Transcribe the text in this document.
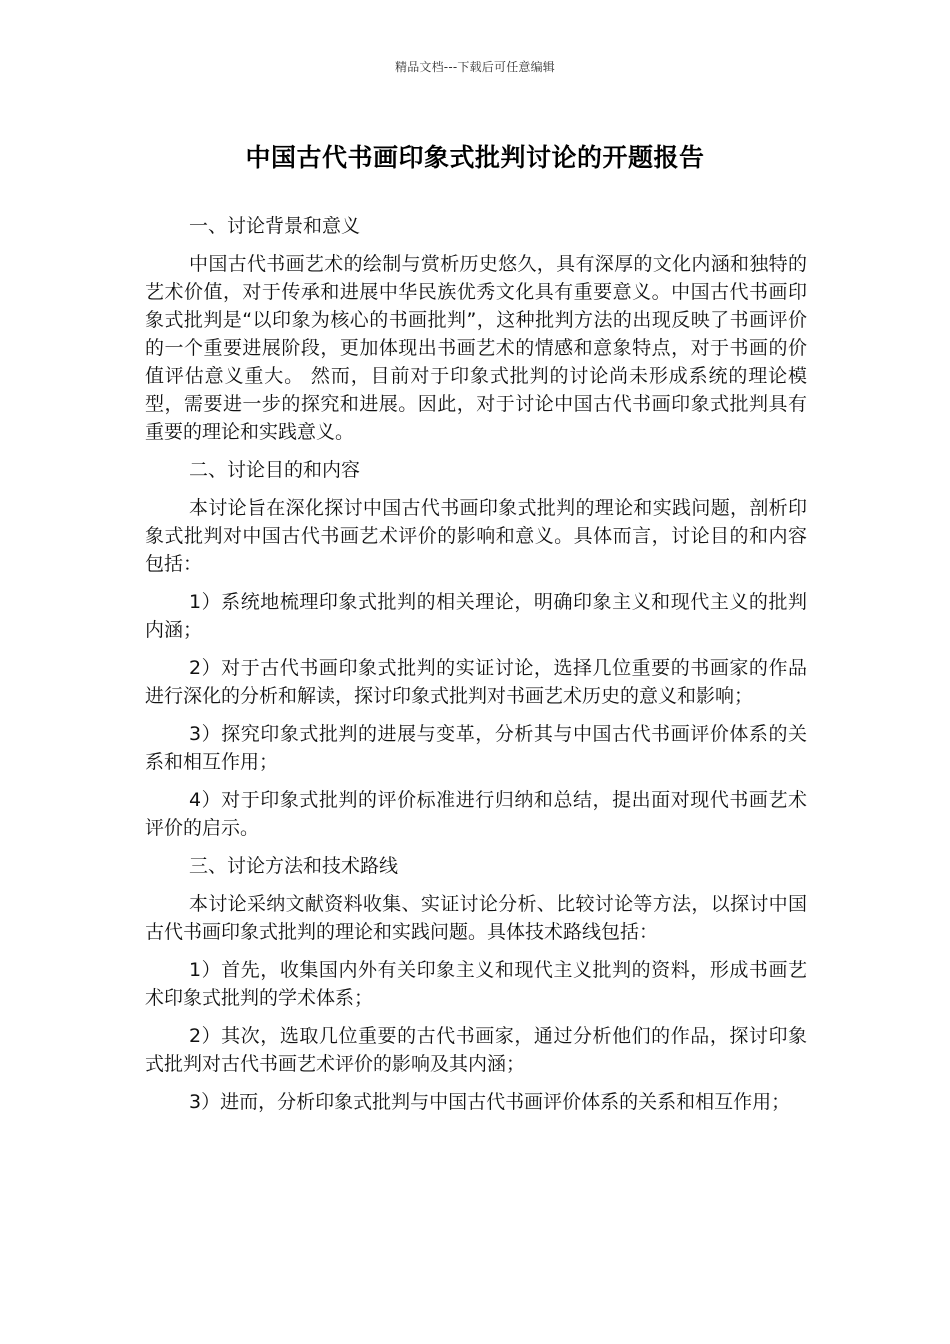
精品文档---下载后可任意编辑
中国古代书画印象式批判讨论的开题报告

一、讨论背景和意义

中国古代书画艺术的绘制与赏析历史悠久，具有深厚的文化内涵和独特的艺术价值，对于传承和进展中华民族优秀文化具有重要意义。中国古代书画印象式批判是“以印象为核心的书画批判”，这种批判方法的出现反映了书画评价的一个重要进展阶段，更加体现出书画艺术的情感和意象特点，对于书画的价值评估意义重大。 然而，目前对于印象式批判的讨论尚未形成系统的理论模型，需要进一步的探究和进展。因此，对于讨论中国古代书画印象式批判具有重要的理论和实践意义。

二、讨论目的和内容

本讨论旨在深化探讨中国古代书画印象式批判的理论和实践问题，剖析印象式批判对中国古代书画艺术评价的影响和意义。具体而言，讨论目的和内容包括：

1）系统地梳理印象式批判的相关理论，明确印象主义和现代主义的批判内涵；

2）对于古代书画印象式批判的实证讨论，选择几位重要的书画家的作品进行深化的分析和解读，探讨印象式批判对书画艺术历史的意义和影响；

3）探究印象式批判的进展与变革，分析其与中国古代书画评价体系的关系和相互作用；

4）对于印象式批判的评价标准进行归纳和总结，提出面对现代书画艺术评价的启示。

三、讨论方法和技术路线

本讨论采纳文献资料收集、实证讨论分析、比较讨论等方法，以探讨中国古代书画印象式批判的理论和实践问题。具体技术路线包括：

1）首先，收集国内外有关印象主义和现代主义批判的资料，形成书画艺术印象式批判的学术体系；

2）其次，选取几位重要的古代书画家，通过分析他们的作品，探讨印象式批判对古代书画艺术评价的影响及其内涵；

3）进而，分析印象式批判与中国古代书画评价体系的关系和相互作用；
